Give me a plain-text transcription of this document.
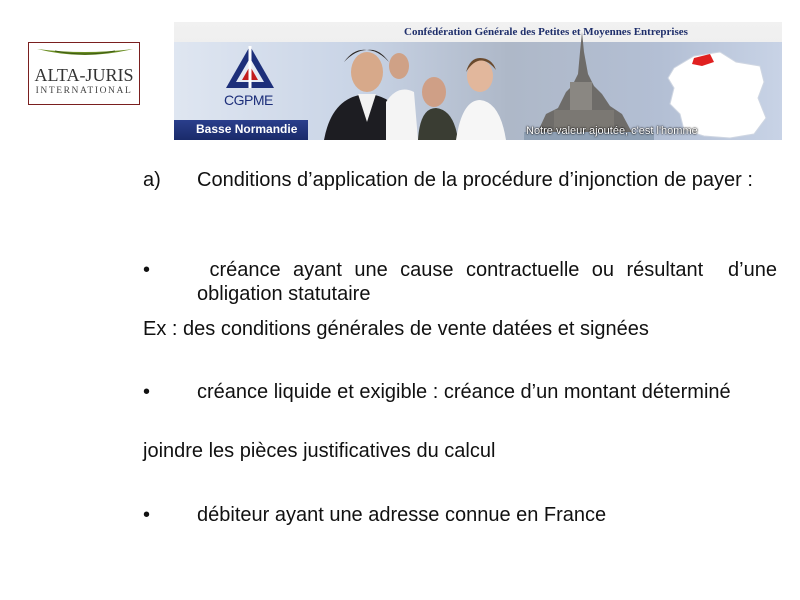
ALTA-JURIS
INTERNATIONAL
Confédération Générale des Petites et Moyennes Entreprises
CGPME
Basse Normandie	Notre valeur ajoutée, c'est l'homme
a)	Conditions d’application de la procédure d’injonction de payer :
•	créance ayant une cause contractuelle ou résultant  d’une obligation statutaire
Ex : des conditions générales de vente datées et signées
•	créance liquide et exigible : créance d’un montant déterminé
joindre les pièces justificatives du calcul
•	débiteur ayant une adresse connue en France
